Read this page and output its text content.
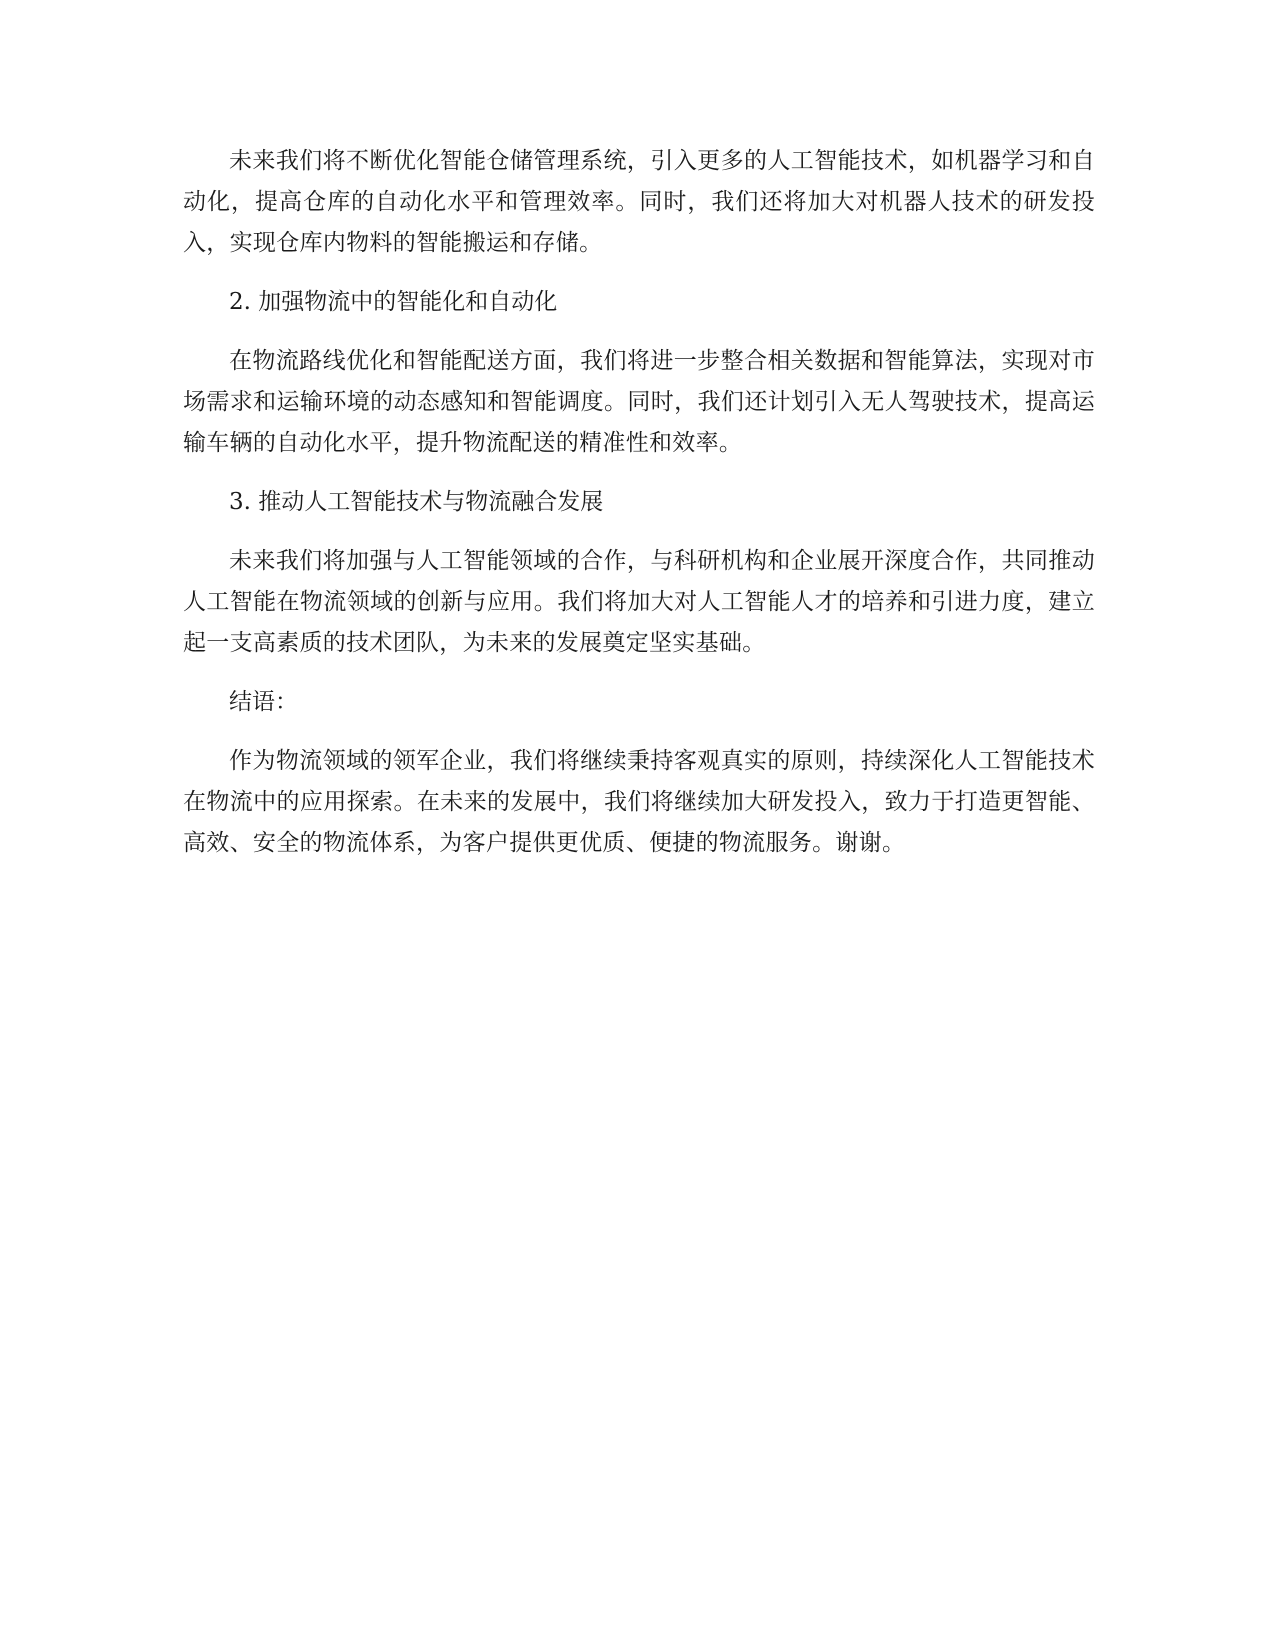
未来我们将不断优化智能仓储管理系统，引入更多的人工智能技术，如机器学习和自动化，提高仓库的自动化水平和管理效率。同时，我们还将加大对机器人技术的研发投入，实现仓库内物料的智能搬运和存储。

2. 加强物流中的智能化和自动化

在物流路线优化和智能配送方面，我们将进一步整合相关数据和智能算法，实现对市场需求和运输环境的动态感知和智能调度。同时，我们还计划引入无人驾驶技术，提高运输车辆的自动化水平，提升物流配送的精准性和效率。

3. 推动人工智能技术与物流融合发展

未来我们将加强与人工智能领域的合作，与科研机构和企业展开深度合作，共同推动人工智能在物流领域的创新与应用。我们将加大对人工智能人才的培养和引进力度，建立起一支高素质的技术团队，为未来的发展奠定坚实基础。

结语：

作为物流领域的领军企业，我们将继续秉持客观真实的原则，持续深化人工智能技术在物流中的应用探索。在未来的发展中，我们将继续加大研发投入，致力于打造更智能、高效、安全的物流体系，为客户提供更优质、便捷的物流服务。谢谢。
